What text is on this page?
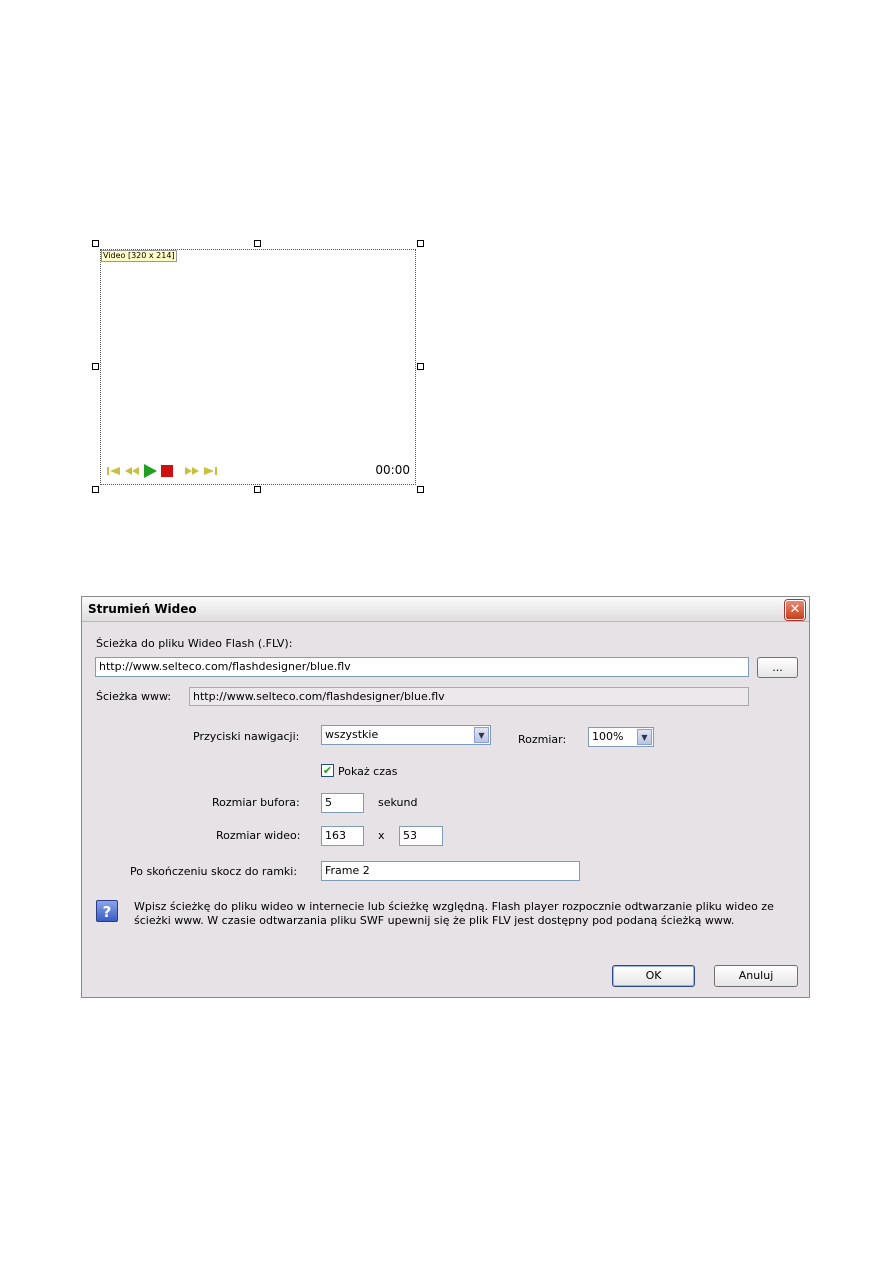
Video [320 x 214]
00:00
Strumień Wideo	✕
Ścieżka do pliku Wideo Flash (.FLV):
http://www.selteco.com/flashdesigner/blue.flv	...
Ścieżka www:	http://www.selteco.com/flashdesigner/blue.flv
Przyciski nawigacji:	wszystkie	▼	Rozmiar:	100%	▼
✔ Pokaż czas
Rozmiar bufora:	5	sekund
Rozmiar wideo:	163	x	53
Po skończeniu skocz do ramki:	Frame 2
?	Wpisz ścieżkę do pliku wideo w internecie lub ścieżkę względną. Flash player rozpocznie odtwarzanie pliku wideo ze ścieżki www. W czasie odtwarzania pliku SWF upewnij się że plik FLV jest dostępny pod podaną ścieżką www.
OK	Anuluj
